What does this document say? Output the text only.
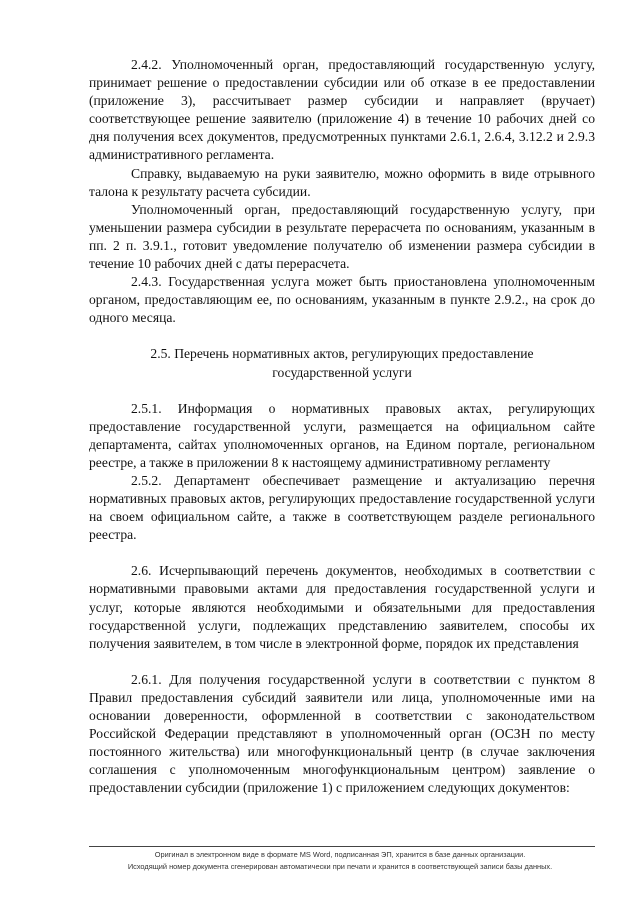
2.4.2. Уполномоченный орган, предоставляющий государственную услугу, принимает решение о предоставлении субсидии или об отказе в ее предоставлении (приложение 3), рассчитывает размер субсидии и направляет (вручает) соответствующее решение заявителю (приложение 4) в течение 10 рабочих дней со дня получения всех документов, предусмотренных пунктами 2.6.1, 2.6.4, 3.12.2 и 2.9.3 административного регламента.

Справку, выдаваемую на руки заявителю, можно оформить в виде отрывного талона к результату расчета субсидии.

Уполномоченный орган, предоставляющий государственную услугу, при уменьшении размера субсидии в результате перерасчета по основаниям, указанным в пп. 2 п. 3.9.1., готовит уведомление получателю об изменении размера субсидии в течение 10 рабочих дней с даты перерасчета.

2.4.3. Государственная услуга может быть приостановлена уполномоченным органом, предоставляющим ее, по основаниям, указанным в пункте 2.9.2., на срок до одного месяца.

2.5. Перечень нормативных актов, регулирующих предоставление государственной услуги

2.5.1. Информация о нормативных правовых актах, регулирующих предоставление государственной услуги, размещается на официальном сайте департамента, сайтах уполномоченных органов, на Едином портале, региональном реестре, а также в приложении 8 к настоящему административному регламенту

2.5.2. Департамент обеспечивает размещение и актуализацию перечня нормативных правовых актов, регулирующих предоставление государственной услуги на своем официальном сайте, а также в соответствующем разделе регионального реестра.

2.6. Исчерпывающий перечень документов, необходимых в соответствии с нормативными правовыми актами для предоставления государственной услуги и услуг, которые являются необходимыми и обязательными для предоставления государственной услуги, подлежащих представлению заявителем, способы их получения заявителем, в том числе в электронной форме, порядок их представления

2.6.1. Для получения государственной услуги в соответствии с пунктом 8 Правил предоставления субсидий заявители или лица, уполномоченные ими на основании доверенности, оформленной в соответствии с законодательством Российской Федерации представляют в уполномоченный орган (ОСЗН по месту постоянного жительства) или многофункциональный центр (в случае заключения соглашения с уполномоченным многофункциональным центром) заявление о предоставлении субсидии (приложение 1) с приложением следующих документов:

Оригинал в электронном виде в формате MS Word, подписанная ЭП, хранится в базе данных организации.

Исходящий номер документа сгенерирован автоматически при печати и хранится в соответствующей записи базы данных.
